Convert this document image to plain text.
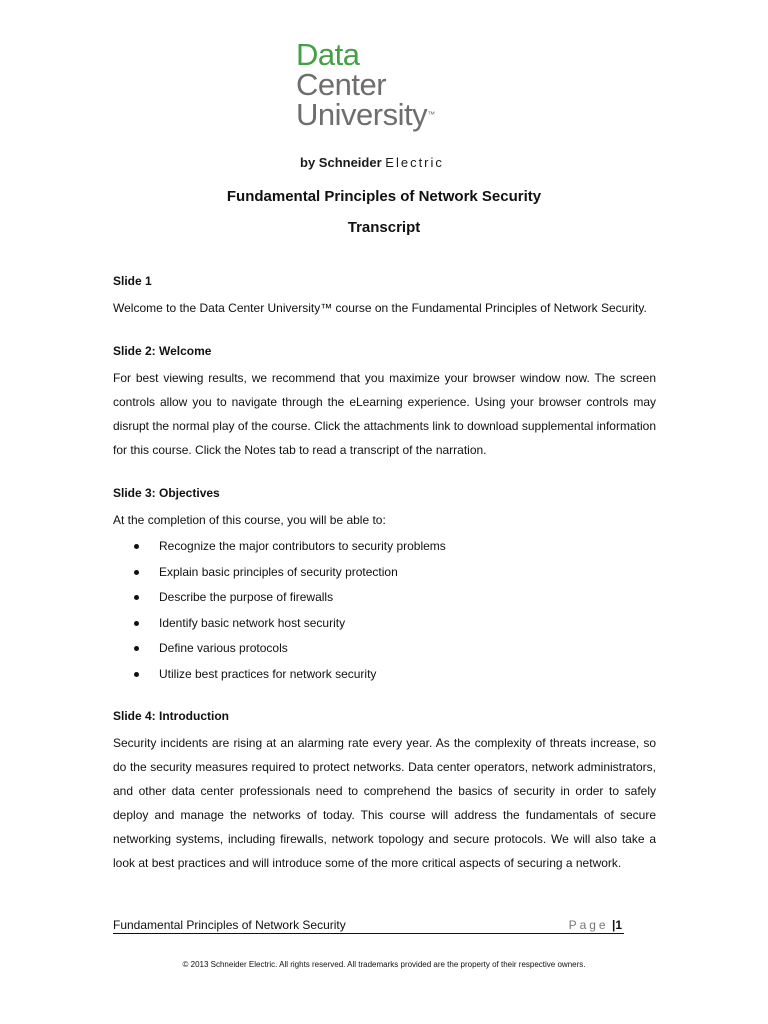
Data
Center
University™
by Schneider Electric
Fundamental Principles of Network Security
Transcript

Slide 1

Welcome to the Data Center University™ course on the Fundamental Principles of Network Security.

Slide 2: Welcome

For best viewing results, we recommend that you maximize your browser window now. The screen controls allow you to navigate through the eLearning experience. Using your browser controls may disrupt the normal play of the course. Click the attachments link to download supplemental information for this course. Click the Notes tab to read a transcript of the narration.

Slide 3: Objectives

At the completion of this course, you will be able to:

Recognize the major contributors to security problems
Explain basic principles of security protection
Describe the purpose of firewalls
Identify basic network host security
Define various protocols
Utilize best practices for network security

Slide 4: Introduction

Security incidents are rising at an alarming rate every year. As the complexity of threats increase, so do the security measures required to protect networks. Data center operators, network administrators, and other data center professionals need to comprehend the basics of security in order to safely deploy and manage the networks of today. This course will address the fundamentals of secure networking systems, including firewalls, network topology and secure protocols. We will also take a look at best practices and will introduce some of the more critical aspects of securing a network.

Fundamental Principles of Network Security	Page |1
© 2013 Schneider Electric. All rights reserved. All trademarks provided are the property of their respective owners.
